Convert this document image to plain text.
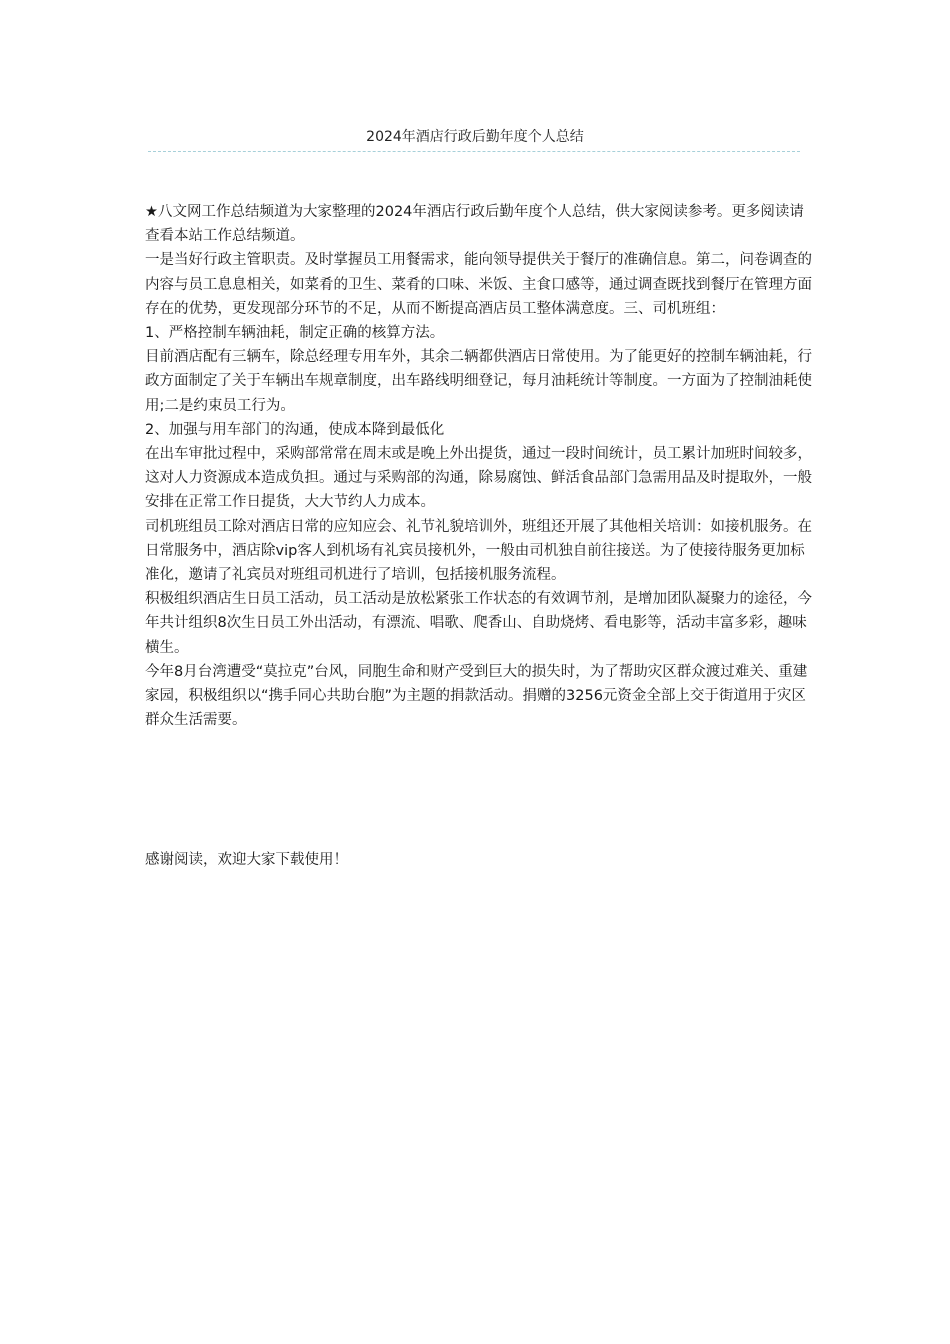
2024年酒店行政后勤年度个人总结

★八文网工作总结频道为大家整理的2024年酒店行政后勤年度个人总结，供大家阅读参考。更多阅读请查看本站工作总结频道。

一是当好行政主管职责。及时掌握员工用餐需求，能向领导提供关于餐厅的准确信息。第二，问卷调查的内容与员工息息相关，如菜肴的卫生、菜肴的口味、米饭、主食口感等，通过调查既找到餐厅在管理方面存在的优势，更发现部分环节的不足，从而不断提高酒店员工整体满意度。三、司机班组：

1、严格控制车辆油耗，制定正确的核算方法。

目前酒店配有三辆车，除总经理专用车外，其余二辆都供酒店日常使用。为了能更好的控制车辆油耗，行政方面制定了关于车辆出车规章制度，出车路线明细登记，每月油耗统计等制度。一方面为了控制油耗使用;二是约束员工行为。

2、加强与用车部门的沟通，使成本降到最低化

在出车审批过程中，采购部常常在周末或是晚上外出提货，通过一段时间统计，员工累计加班时间较多，这对人力资源成本造成负担。通过与采购部的沟通，除易腐蚀、鲜活食品部门急需用品及时提取外，一般安排在正常工作日提货，大大节约人力成本。

司机班组员工除对酒店日常的应知应会、礼节礼貌培训外，班组还开展了其他相关培训：如接机服务。在日常服务中，酒店除vip客人到机场有礼宾员接机外，一般由司机独自前往接送。为了使接待服务更加标准化，邀请了礼宾员对班组司机进行了培训，包括接机服务流程。

积极组织酒店生日员工活动，员工活动是放松紧张工作状态的有效调节剂，是增加团队凝聚力的途径，今年共计组织8次生日员工外出活动，有漂流、唱歌、爬香山、自助烧烤、看电影等，活动丰富多彩，趣味横生。

今年8月台湾遭受“莫拉克”台风，同胞生命和财产受到巨大的损失时，为了帮助灾区群众渡过难关、重建家园，积极组织以“携手同心共助台胞”为主题的捐款活动。捐赠的3256元资金全部上交于街道用于灾区群众生活需要。

感谢阅读，欢迎大家下载使用！
